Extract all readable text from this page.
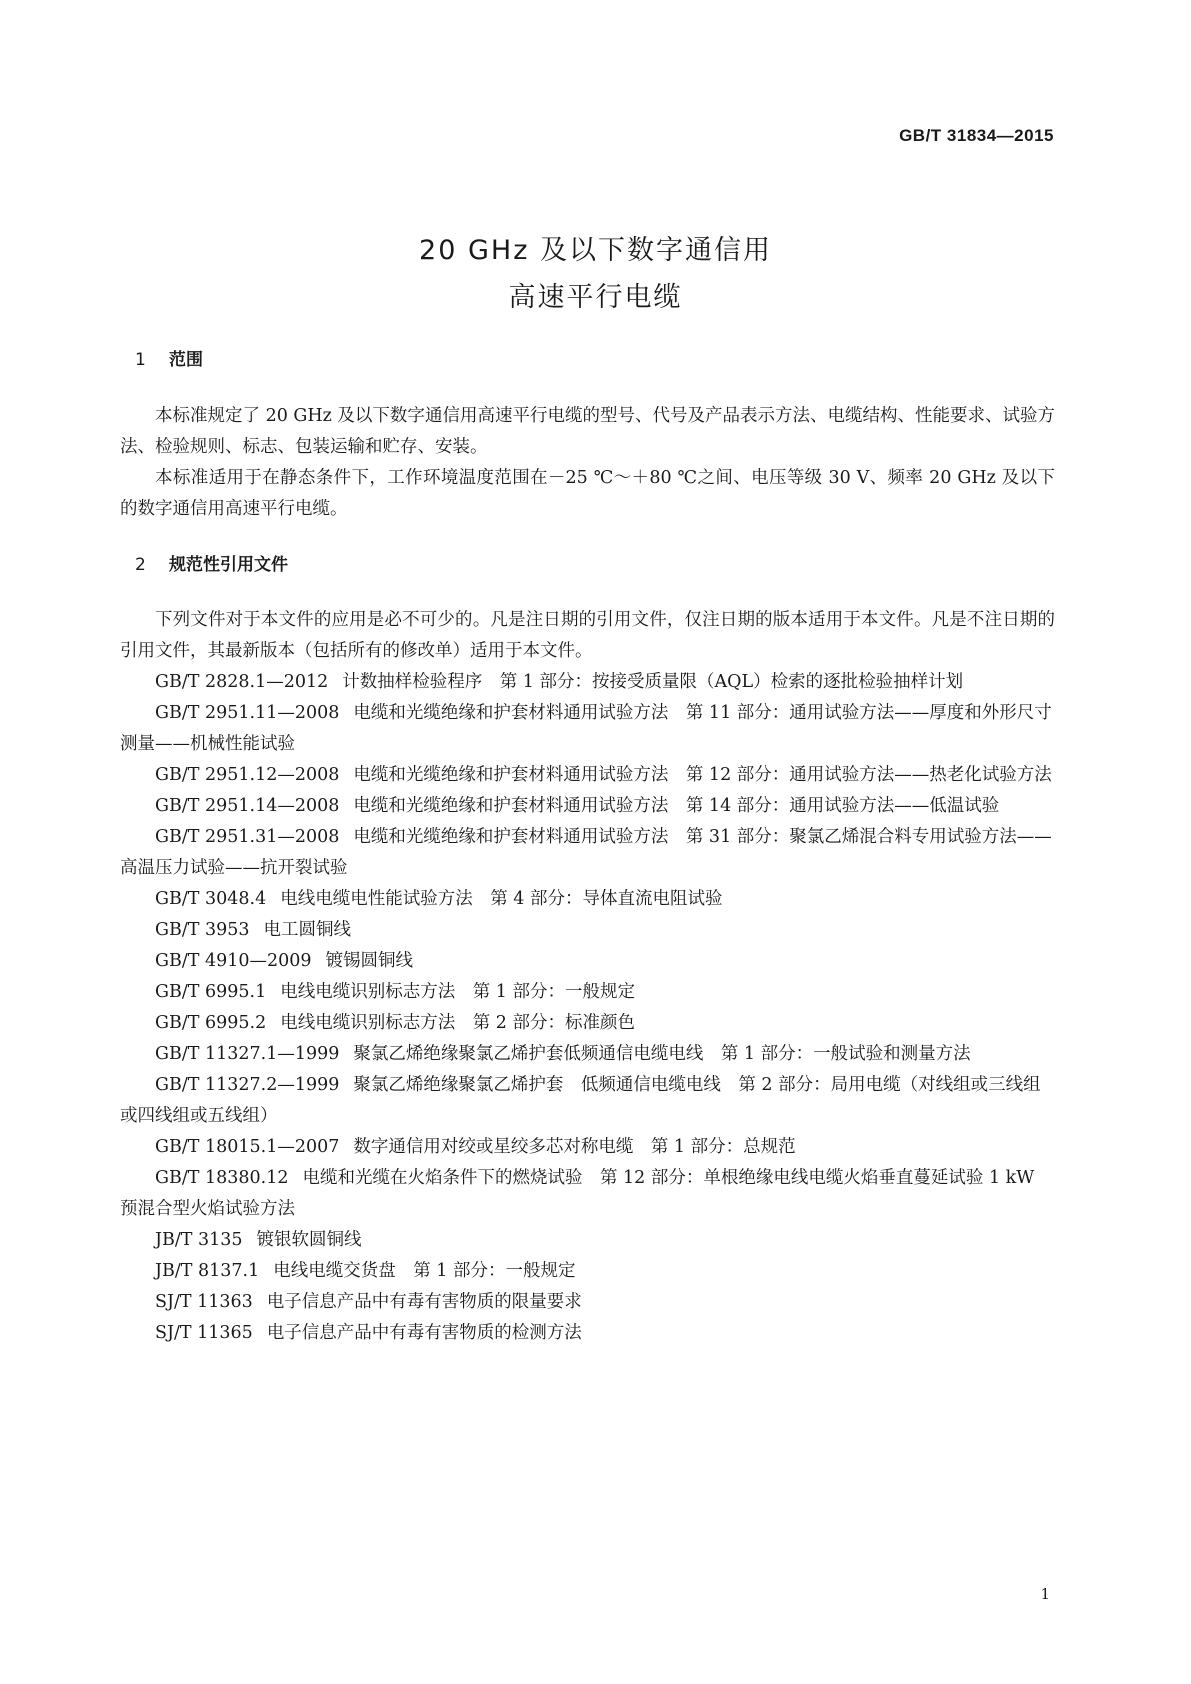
GB/T 31834—2015
20 GHz 及以下数字通信用
高速平行电缆
1 范围

本标准规定了 20 GHz 及以下数字通信用高速平行电缆的型号、代号及产品表示方法、电缆结构、性能要求、试验方法、检验规则、标志、包装运输和贮存、安装。

本标准适用于在静态条件下，工作环境温度范围在－25 ℃～＋80 ℃之间、电压等级 30 V、频率 20 GHz 及以下的数字通信用高速平行电缆。

2 规范性引用文件

下列文件对于本文件的应用是必不可少的。凡是注日期的引用文件，仅注日期的版本适用于本文件。凡是不注日期的引用文件，其最新版本（包括所有的修改单）适用于本文件。

GB/T 2828.1—2012 计数抽样检验程序　第 1 部分：按接受质量限（AQL）检索的逐批检验抽样计划

GB/T 2951.11—2008 电缆和光缆绝缘和护套材料通用试验方法　第 11 部分：通用试验方法——厚度和外形尺寸测量——机械性能试验

GB/T 2951.12—2008 电缆和光缆绝缘和护套材料通用试验方法　第 12 部分：通用试验方法——热老化试验方法

GB/T 2951.14—2008 电缆和光缆绝缘和护套材料通用试验方法　第 14 部分：通用试验方法——低温试验

GB/T 2951.31—2008 电缆和光缆绝缘和护套材料通用试验方法　第 31 部分：聚氯乙烯混合料专用试验方法——高温压力试验——抗开裂试验

GB/T 3048.4 电线电缆电性能试验方法　第 4 部分：导体直流电阻试验

GB/T 3953 电工圆铜线

GB/T 4910—2009 镀锡圆铜线

GB/T 6995.1 电线电缆识别标志方法　第 1 部分：一般规定

GB/T 6995.2 电线电缆识别标志方法　第 2 部分：标准颜色

GB/T 11327.1—1999 聚氯乙烯绝缘聚氯乙烯护套低频通信电缆电线　第 1 部分：一般试验和测量方法

GB/T 11327.2—1999 聚氯乙烯绝缘聚氯乙烯护套　低频通信电缆电线　第 2 部分：局用电缆（对线组或三线组或四线组或五线组）

GB/T 18015.1—2007 数字通信用对绞或星绞多芯对称电缆　第 1 部分：总规范

GB/T 18380.12 电缆和光缆在火焰条件下的燃烧试验　第 12 部分：单根绝缘电线电缆火焰垂直蔓延试验 1 kW 预混合型火焰试验方法

JB/T 3135 镀银软圆铜线

JB/T 8137.1 电线电缆交货盘　第 1 部分：一般规定

SJ/T 11363 电子信息产品中有毒有害物质的限量要求

SJ/T 11365 电子信息产品中有毒有害物质的检测方法

1
